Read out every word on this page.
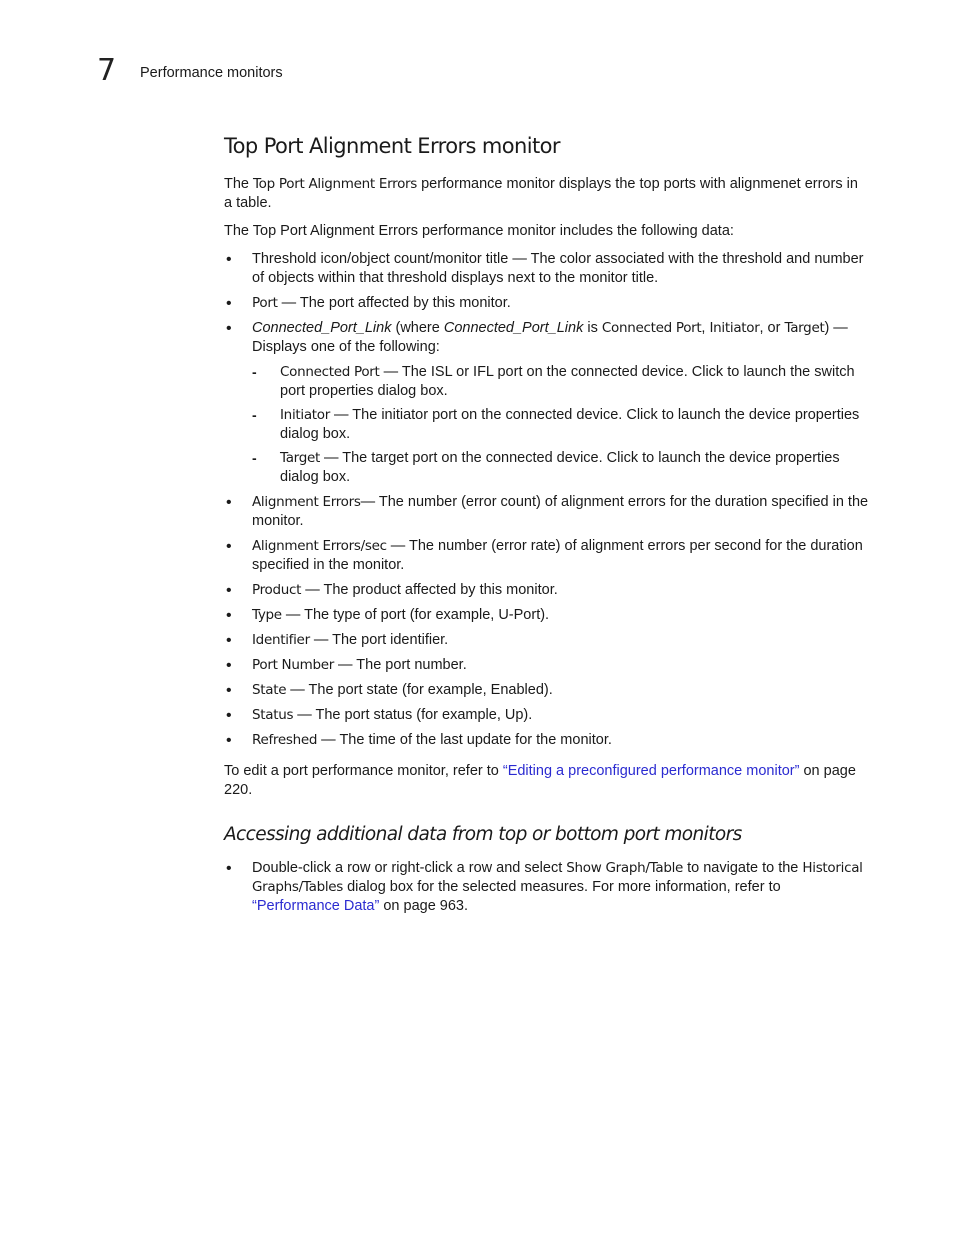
7 Performance monitors
Top Port Alignment Errors monitor

The Top Port Alignment Errors performance monitor displays the top ports with alignmenet errors in a table.

The Top Port Alignment Errors performance monitor includes the following data:

• Threshold icon/object count/monitor title — The color associated with the threshold and number of objects within that threshold displays next to the monitor title.
• Port — The port affected by this monitor.
• Connected_Port_Link (where Connected_Port_Link is Connected Port, Initiator, or Target) — Displays one of the following:
- Connected Port — The ISL or IFL port on the connected device. Click to launch the switch port properties dialog box.
- Initiator — The initiator port on the connected device. Click to launch the device properties dialog box.
- Target — The target port on the connected device. Click to launch the device properties dialog box.
• Alignment Errors— The number (error count) of alignment errors for the duration specified in the monitor.
• Alignment Errors/sec — The number (error rate) of alignment errors per second for the duration specified in the monitor.
• Product — The product affected by this monitor.
• Type — The type of port (for example, U-Port).
• Identifier — The port identifier.
• Port Number — The port number.
• State — The port state (for example, Enabled).
• Status — The port status (for example, Up).
• Refreshed — The time of the last update for the monitor.

To edit a port performance monitor, refer to “Editing a preconfigured performance monitor” on page 220.

Accessing additional data from top or bottom port monitors
• Double-click a row or right-click a row and select Show Graph/Table to navigate to the Historical Graphs/Tables dialog box for the selected measures. For more information, refer to “Performance Data” on page 963.
